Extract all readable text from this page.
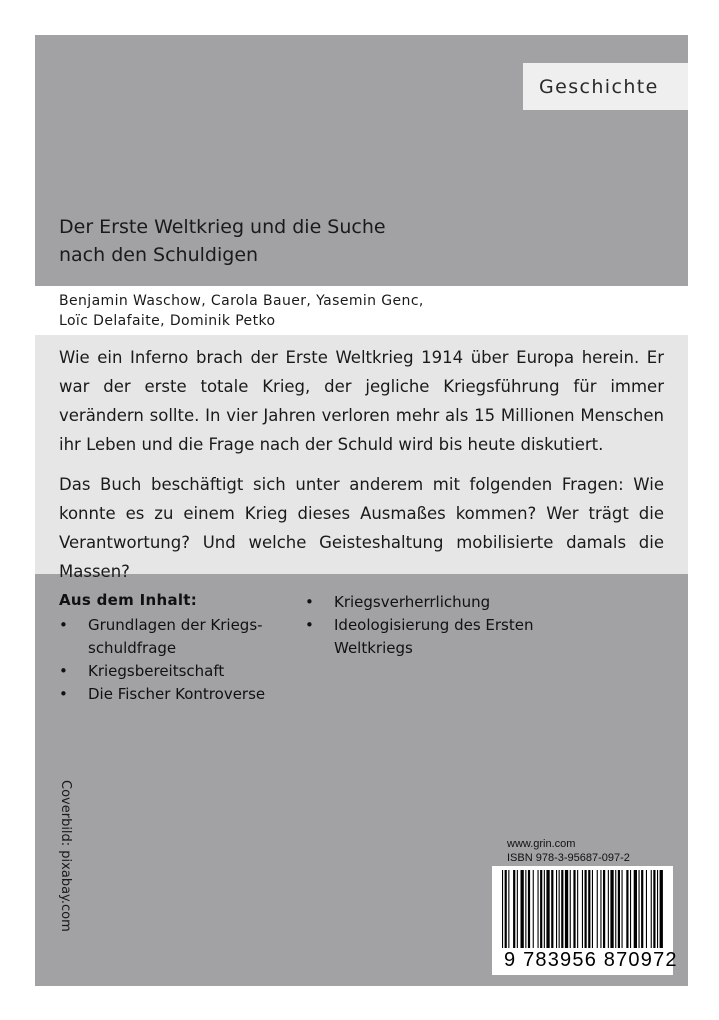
Geschichte
Der Erste Weltkrieg und die Suche
nach den Schuldigen
Benjamin Waschow, Carola Bauer, Yasemin Genc,
Loïc Delafaite, Dominik Petko

Wie ein Inferno brach der Erste Weltkrieg 1914 über Europa herein. Er war der erste totale Krieg, der jegliche Kriegsführung für immer verändern sollte. In vier Jahren verloren mehr als 15 Millionen Menschen ihr Leben und die Frage nach der Schuld wird bis heute diskutiert.

Das Buch beschäftigt sich unter anderem mit folgenden Fragen: Wie konnte es zu einem Krieg dieses Ausmaßes kommen? Wer trägt die Verantwortung? Und welche Geisteshaltung mobilisierte damals die Massen?

Aus dem Inhalt:
• Grundlagen der Kriegs-
schuldfrage
• Kriegsbereitschaft
• Die Fischer Kontroverse
• Kriegsverherrlichung
• Ideologisierung des Ersten
Weltkriegs
Coverbild: pixabay.com	www.grin.com
ISBN 978-3-95687-097-2
9 783956 870972
